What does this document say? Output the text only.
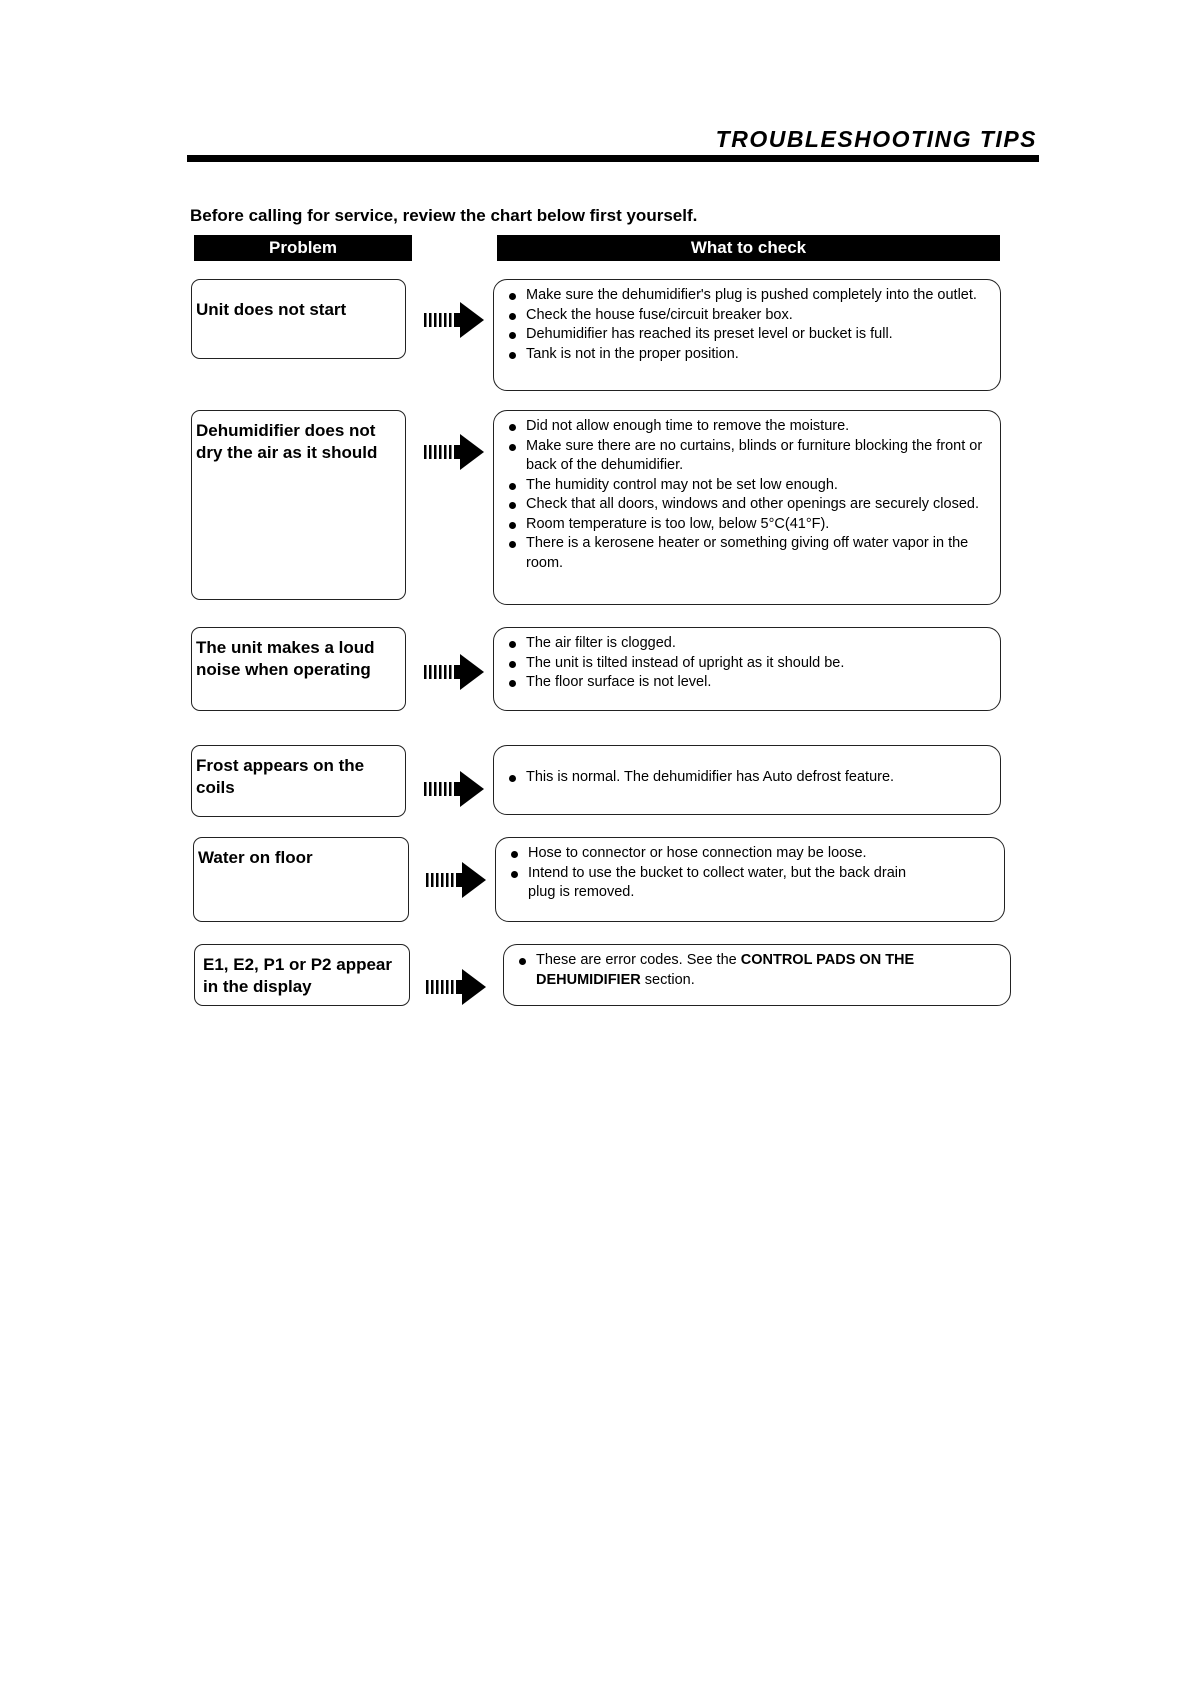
TROUBLESHOOTING TIPS
Before calling for service, review the chart below first yourself.
Problem	What to check
Unit does not start
Make sure the dehumidifier's plug is pushed completely into the outlet.
Check the house fuse/circuit breaker box.
Dehumidifier has reached its preset level or bucket is full.
Tank is not in the proper position.
Dehumidifier does not dry the air as it should
Did not allow enough time to remove the moisture.
Make sure there are no curtains, blinds or furniture blocking the front or back of the dehumidifier.
The humidity control may not be set low enough.
Check that all doors, windows and other openings are securely closed.
Room temperature is too low, below 5°C(41°F).
There is a kerosene heater or something giving off water vapor in the room.
The unit makes a loud noise when operating
The air filter is clogged.
The unit is tilted instead of upright as it should be.
The floor surface is not level.
Frost appears on the coils
This is normal. The dehumidifier has Auto defrost feature.
Water on floor	Hose to connector or hose connection may be loose.
Intend to use the bucket to collect water, but the back drain plug is removed.
E1, E2, P1 or P2 appear in the display
These are error codes. See the CONTROL PADS ON THE DEHUMIDIFIER section.
